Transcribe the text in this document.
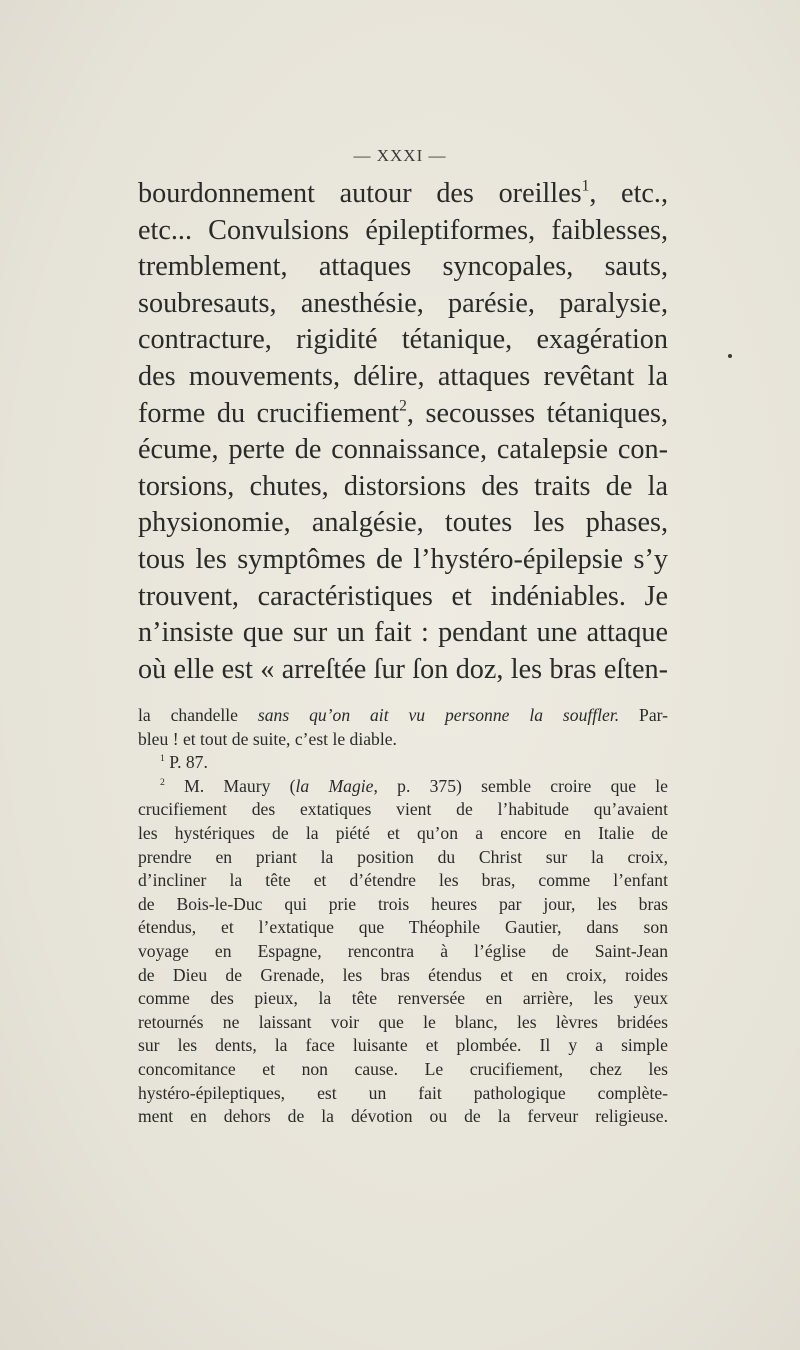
— XXXI —
bourdonnement autour des oreilles$^1$, etc.,
etc... Convulsions épileptiformes, faiblesses,
tremblement, attaques syncopales, sauts,
soubresauts, anesthésie, parésie, paralysie,
contracture, rigidité tétanique, exagération
des mouvements, délire, attaques revêtant la
forme du crucifiement$^2$, secousses tétaniques,
écume, perte de connaissance, catalepsie con-
torsions, chutes, distorsions des traits de la
physionomie, analgésie, toutes les phases,
tous les symptômes de l’hystéro-épilepsie s’y
trouvent, caractéristiques et indéniables. Je
n’insiste que sur un fait : pendant une attaque
où elle est « arreſtée ſur ſon doz, les bras eſten-
la chandelle sans qu’on ait vu personne la souffler. Par-
bleu ! et tout de suite, c’est le diable.
$^1$ P. 87.
$^2$ M. Maury (la Magie, p. 375) semble croire que le
crucifiement des extatiques vient de l’habitude qu’avaient
les hystériques de la piété et qu’on a encore en Italie de
prendre en priant la position du Christ sur la croix,
d’incliner la tête et d’étendre les bras, comme l’enfant
de Bois-le-Duc qui prie trois heures par jour, les bras
étendus, et l’extatique que Théophile Gautier, dans son
voyage en Espagne, rencontra à l’église de Saint-Jean
de Dieu de Grenade, les bras étendus et en croix, roides
comme des pieux, la tête renversée en arrière, les yeux
retournés ne laissant voir que le blanc, les lèvres bridées
sur les dents, la face luisante et plombée. Il y a simple
concomitance et non cause. Le crucifiement, chez les
hystéro-épileptiques, est un fait pathologique complète-
ment en dehors de la dévotion ou de la ferveur religieuse.
